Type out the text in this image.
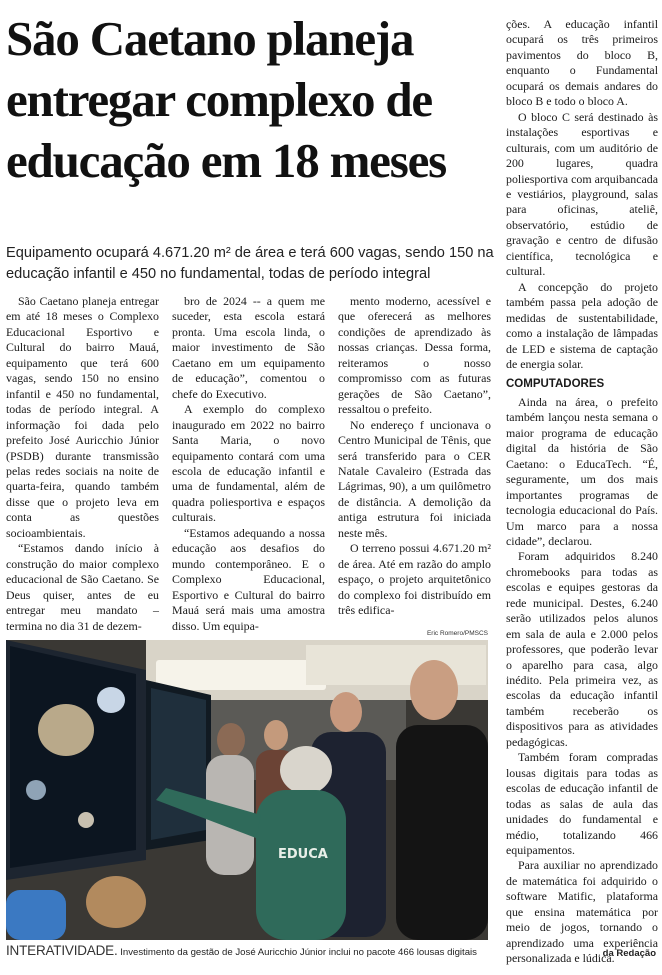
São Caetano planeja entregar complexo de educação em 18 meses

Equipamento ocupará 4.671.20 m² de área e terá 600 vagas, sendo 150 na educação infantil e 450 no fundamental, todas de período integral

São Caetano planeja entregar em até 18 meses o Complexo Educacional Esportivo e Cultural do bairro Mauá, equipamento que terá 600 vagas, sendo 150 no ensino infantil e 450 no fundamental, todas de período integral. A informação foi dada pelo prefeito José Auricchio Júnior (PSDB) durante transmissão pelas redes sociais na noite de quarta-feira, quando também disse que o projeto leva em conta as questões socioambientais.

“Estamos dando início à construção do maior complexo educacional de São Caetano. Se Deus quiser, antes de eu entregar meu mandato – termina no dia 31 de dezem-

bro de 2024 -- a quem me suceder, esta escola estará pronta. Uma escola linda, o maior investimento de São Caetano em um equipamento de educação”, comentou o chefe do Executivo.

A exemplo do complexo inaugurado em 2022 no bairro Santa Maria, o novo equipamento contará com uma escola de educação infantil e uma de fundamental, além de quadra poliesportiva e espaços culturais.

“Estamos adequando a nossa educação aos desafios do mundo contemporâneo. E o Complexo Educacional, Esportivo e Cultural do bairro Mauá será mais uma amostra disso. Um equipa-

mento moderno, acessível e que oferecerá as melhores condições de aprendizado às nossas crianças. Dessa forma, reiteramos o nosso compromisso com as futuras gerações de São Caetano”, ressaltou o prefeito.

No endereço f uncionava o Centro Municipal de Tênis, que será transferido para o CER Natale Cavaleiro (Estrada das Lágrimas, 90), a um quilômetro de distância. A demolição da antiga estrutura foi iniciada neste mês.

O terreno possui 4.671.20 m² de área. Até em razão do amplo espaço, o projeto arquitetônico do complexo foi distribuído em três edifica-

ções. A educação infantil ocupará os três primeiros pavimentos do bloco B, enquanto o Fundamental ocupará os demais andares do bloco B e todo o bloco A.

O bloco C será destinado às instalações esportivas e culturais, com um auditório de 200 lugares, quadra poliesportiva com arquibancada e vestiários, playground, salas para oficinas, ateliê, observatório, estúdio de gravação e centro de difusão científica, tecnológica e cultural.

A concepção do projeto também passa pela adoção de medidas de sustentabilidade, como a instalação de lâmpadas de LED e sistema de captação de energia solar.

COMPUTADORES

Ainda na área, o prefeito também lançou nesta semana o maior programa de educação digital da história de São Caetano: o EducaTech. “É, seguramente, um dos mais importantes programas de tecnologia educacional do País. Um marco para a nossa cidade”, declarou.

Foram adquiridos 8.240 chromebooks para todas as escolas e equipes gestoras da rede municipal. Destes, 6.240 serão utilizados pelos alunos em sala de aula e 2.000 pelos professores, que poderão levar o aparelho para casa, algo inédito. Pela primeira vez, as escolas da educação infantil também receberão os dispositivos para as atividades pedagógicas.

Também foram compradas lousas digitais para todas as escolas de educação infantil de todas as salas de aula das unidades do fundamental e médio, totalizando 466 equipamentos.

Para auxiliar no aprendizado de matemática foi adquirido o software Matific, plataforma que ensina matemática por meio de jogos, tornando o aprendizado uma experiência personalizada e lúdica.

Eric Romero/PMSCS
EDUCA
INTERATIVIDADE. Investimento da gestão de José Auricchio Júnior inclui no pacote 466 lousas digitais	da Redação
